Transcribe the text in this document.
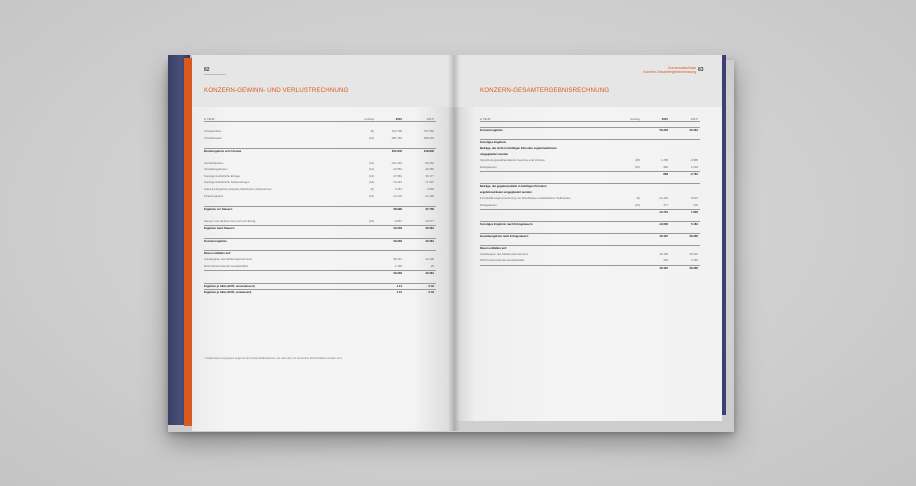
82
KONZERN-GEWINN- UND VERLUSTRECHNUNG
in TEUR	Anhang	2015	2014*
Umsatzerlöse	(8)	613.796	727.050
Umsatzkosten	(10)	-361.154	-508.204
Bruttoergebnis vom Umsatz	252.642	218.846
Vertriebskosten	(11)	-101.115	-95.252
Verwaltungskosten	(12)	-34.081	-40.982
Sonstige betriebliche Erträge	(13)	27.981	25.177
Sonstige betriebliche Aufwendungen	(14)	-73.413	-71.507
Anteil am Ergebnis at-Equity-bilanzierter Unternehmen	(6)	4.151	3.660
Finanzergebnis	(15)	-14.175	-14.196
Ergebnis vor Steuern	68.999	37.736
Steuern vom Einkommen und vom Ertrag	(16)	-9.867	-15.677
Ergebnis nach Steuern	59.333	22.081
Konzernergebnis	59.333	22.081
Davon entfallen auf:
Anteilseigner des Mutterunternehmens	58.167	22.106
Nicht beherrschende Gesellschafter	1.166	-25
59.333	22.081
Ergebnis je Aktie (EUR, unverwässert)	1.14	0.43
Ergebnis je Aktie (EUR, verwässert)	1.12	0.43
* Vorjahreswert angepasst aufgrund der Kaufpreisallokationen, die nach dem 31. Dezember 2014 finalisiert wurden sind
Konzernabschluss
Konzern-Gesamtergebnisrechnung 83
KONZERN-GESAMTERGEBNISRECHNUNG
in TEUR	Anhang	2015	2014*
Konzernergebnis	59.333	22.081
Sonstiges Ergebnis
Beträge, die nicht in künftigen Perioden ergebniswirksam
umgegliedert werden
Versicherungsmathematische Gewinne und Verluste	(28)	1.258	-3.985
Ertragsteuern	(16)	-384	1.204
868	-2.781
Beträge, die gegebenenfalls in künftigen Perioden
ergebniswirksam umgegliedert werden
Fremdwährungsumrechnung von Abschlüssen ausländischer Teilbetriebe	(8)	-14.181	8.697
Ertragsteuern	(16)	477	-732
-13.704	7.965
Sonstiges Ergebnis nach Ertragsteuern	-12.836	5.184
Gesamtergebnis nach Ertragsteuern	46.497	26.265
Davon entfallen auf:
Anteilseigner des Mutterunternehmens	46.195	25.610
Nicht beherrschende Gesellschafter	302	2.392
46.497	26.265
